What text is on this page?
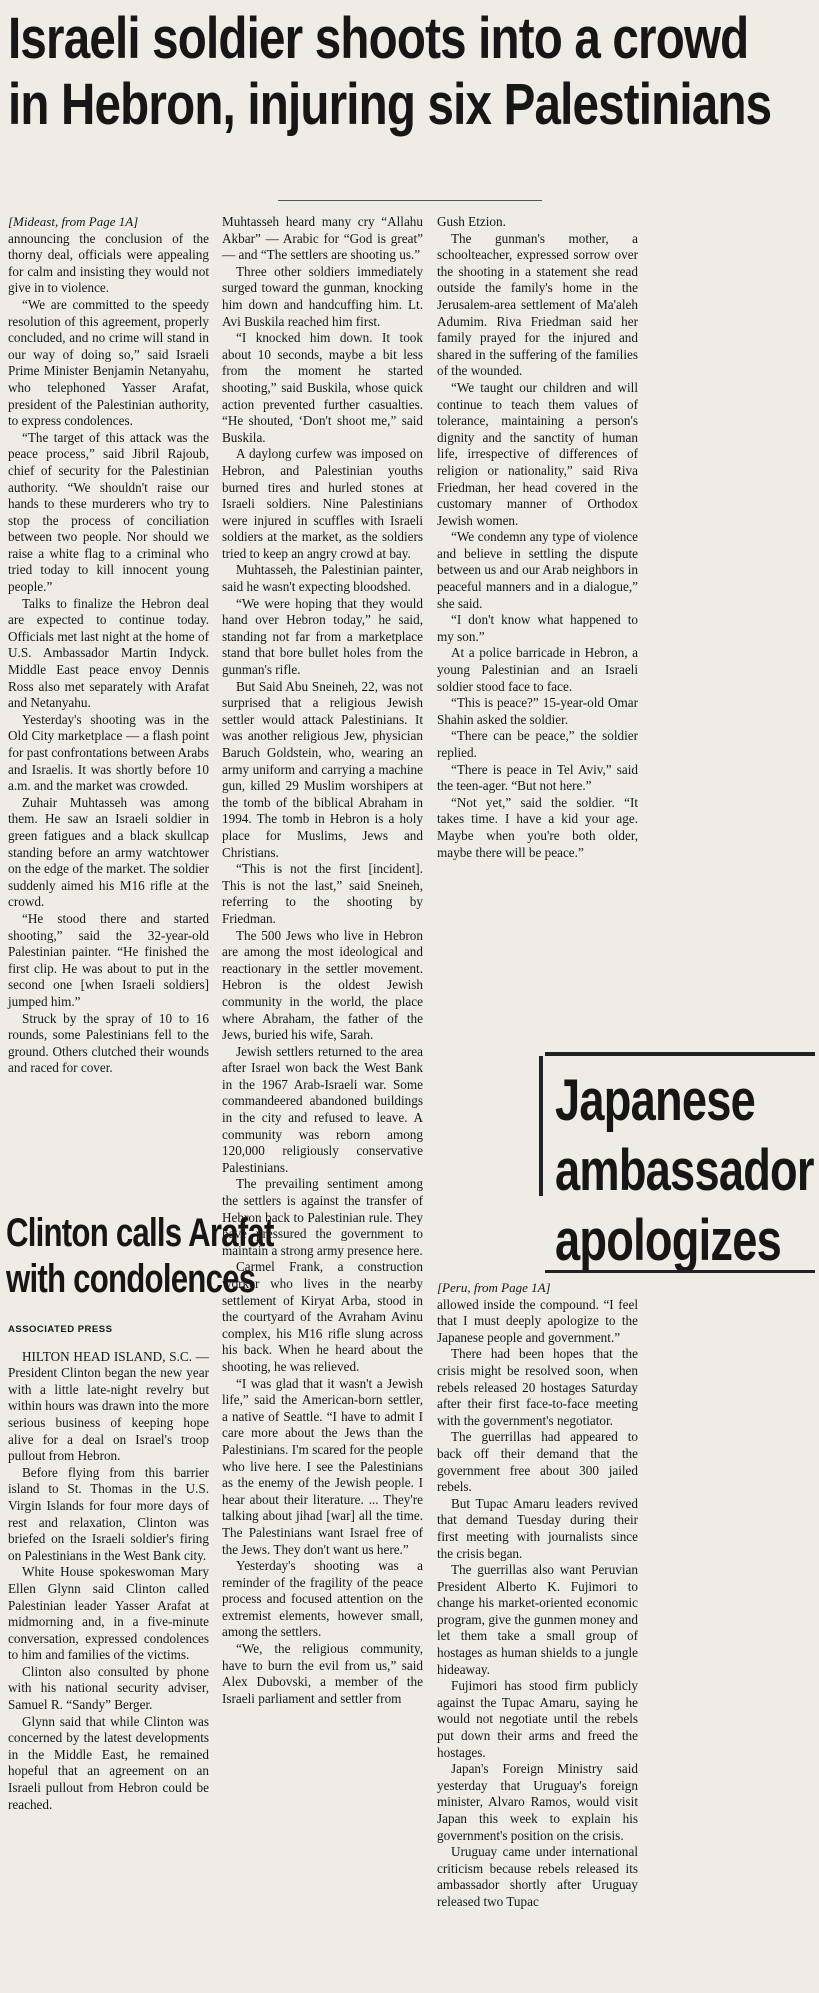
Israeli soldier shoots into a crowd
in Hebron, injuring six Palestinians

[Mideast, from Page 1A]

announcing the conclusion of the thorny deal, officials were appealing for calm and insisting they would not give in to violence.

“We are committed to the speedy resolution of this agreement, properly concluded, and no crime will stand in our way of doing so,” said Israeli Prime Minister Benjamin Netanyahu, who telephoned Yasser Arafat, president of the Palestinian authority, to express condolences.

“The target of this attack was the peace process,” said Jibril Rajoub, chief of security for the Palestinian authority. “We shouldn't raise our hands to these murderers who try to stop the process of conciliation between two people. Nor should we raise a white flag to a criminal who tried today to kill innocent young people.”

Talks to finalize the Hebron deal are expected to continue today. Officials met last night at the home of U.S. Ambassador Martin Indyck. Middle East peace envoy Dennis Ross also met separately with Arafat and Netanyahu.

Yesterday's shooting was in the Old City marketplace — a flash point for past confrontations between Arabs and Israelis. It was shortly before 10 a.m. and the market was crowded.

Zuhair Muhtasseh was among them. He saw an Israeli soldier in green fatigues and a black skullcap standing before an army watchtower on the edge of the market. The soldier suddenly aimed his M16 rifle at the crowd.

“He stood there and started shooting,” said the 32-year-old Palestinian painter. “He finished the first clip. He was about to put in the second one [when Israeli soldiers] jumped him.”

Struck by the spray of 10 to 16 rounds, some Palestinians fell to the ground. Others clutched their wounds and raced for cover.

Clinton calls Arafat
with condolences
ASSOCIATED PRESS

HILTON HEAD ISLAND, S.C. — President Clinton began the new year with a little late-night revelry but within hours was drawn into the more serious business of keeping hope alive for a deal on Israel's troop pullout from Hebron.

Before flying from this barrier island to St. Thomas in the U.S. Virgin Islands for four more days of rest and relaxation, Clinton was briefed on the Israeli soldier's firing on Palestinians in the West Bank city.

White House spokeswoman Mary Ellen Glynn said Clinton called Palestinian leader Yasser Arafat at midmorning and, in a five-minute conversation, expressed condolences to him and families of the victims.

Clinton also consulted by phone with his national security adviser, Samuel R. “Sandy” Berger.

Glynn said that while Clinton was concerned by the latest developments in the Middle East, he remained hopeful that an agreement on an Israeli pullout from Hebron could be reached.

Muhtasseh heard many cry “Allahu Akbar” — Arabic for “God is great” — and “The settlers are shooting us.”

Three other soldiers immediately surged toward the gunman, knocking him down and handcuffing him. Lt. Avi Buskila reached him first.

“I knocked him down. It took about 10 seconds, maybe a bit less from the moment he started shooting,” said Buskila, whose quick action prevented further casualties. “He shouted, ‘Don't shoot me,” said Buskila.

A daylong curfew was imposed on Hebron, and Palestinian youths burned tires and hurled stones at Israeli soldiers. Nine Palestinians were injured in scuffles with Israeli soldiers at the market, as the soldiers tried to keep an angry crowd at bay.

Muhtasseh, the Palestinian painter, said he wasn't expecting bloodshed.

“We were hoping that they would hand over Hebron today,” he said, standing not far from a marketplace stand that bore bullet holes from the gunman's rifle.

But Said Abu Sneineh, 22, was not surprised that a religious Jewish settler would attack Palestinians. It was another religious Jew, physician Baruch Goldstein, who, wearing an army uniform and carrying a machine gun, killed 29 Muslim worshipers at the tomb of the biblical Abraham in 1994. The tomb in Hebron is a holy place for Muslims, Jews and Christians.

“This is not the first [incident]. This is not the last,” said Sneineh, referring to the shooting by Friedman.

The 500 Jews who live in Hebron are among the most ideological and reactionary in the settler movement. Hebron is the oldest Jewish community in the world, the place where Abraham, the father of the Jews, buried his wife, Sarah.

Jewish settlers returned to the area after Israel won back the West Bank in the 1967 Arab-Israeli war. Some commandeered abandoned buildings in the city and refused to leave. A community was reborn among 120,000 religiously conservative Palestinians.

The prevailing sentiment among the settlers is against the transfer of Hebron back to Palestinian rule. They have pressured the government to maintain a strong army presence here.

Carmel Frank, a construction worker who lives in the nearby settlement of Kiryat Arba, stood in the courtyard of the Avraham Avinu complex, his M16 rifle slung across his back. When he heard about the shooting, he was relieved.

“I was glad that it wasn't a Jewish life,” said the American-born settler, a native of Seattle. “I have to admit I care more about the Jews than the Palestinians. I'm scared for the people who live here. I see the Palestinians as the enemy of the Jewish people. I hear about their literature. ... They're talking about jihad [war] all the time. The Palestinians want Israel free of the Jews. They don't want us here.”

Yesterday's shooting was a reminder of the fragility of the peace process and focused attention on the extremist elements, however small, among the settlers.

“We, the religious community, have to burn the evil from us,” said Alex Dubovski, a member of the Israeli parliament and settler from

Gush Etzion.

The gunman's mother, a schoolteacher, expressed sorrow over the shooting in a statement she read outside the family's home in the Jerusalem-area settlement of Ma'aleh Adumim. Riva Friedman said her family prayed for the injured and shared in the suffering of the families of the wounded.

“We taught our children and will continue to teach them values of tolerance, maintaining a person's dignity and the sanctity of human life, irrespective of differences of religion or nationality,” said Riva Friedman, her head covered in the customary manner of Orthodox Jewish women.

“We condemn any type of violence and believe in settling the dispute between us and our Arab neighbors in peaceful manners and in a dialogue,” she said.

“I don't know what happened to my son.”

At a police barricade in Hebron, a young Palestinian and an Israeli soldier stood face to face.

“This is peace?” 15-year-old Omar Shahin asked the soldier.

“There can be peace,” the soldier replied.

“There is peace in Tel Aviv,” said the teen-ager. “But not here.”

“Not yet,” said the soldier. “It takes time. I have a kid your age. Maybe when you're both older, maybe there will be peace.”

Japanese
ambassador
apologizes

[Peru, from Page 1A]

allowed inside the compound. “I feel that I must deeply apologize to the Japanese people and government.”

There had been hopes that the crisis might be resolved soon, when rebels released 20 hostages Saturday after their first face-to-face meeting with the government's negotiator.

The guerrillas had appeared to back off their demand that the government free about 300 jailed rebels.

But Tupac Amaru leaders revived that demand Tuesday during their first meeting with journalists since the crisis began.

The guerrillas also want Peruvian President Alberto K. Fujimori to change his market-oriented economic program, give the gunmen money and let them take a small group of hostages as human shields to a jungle hideaway.

Fujimori has stood firm publicly against the Tupac Amaru, saying he would not negotiate until the rebels put down their arms and freed the hostages.

Japan's Foreign Ministry said yesterday that Uruguay's foreign minister, Alvaro Ramos, would visit Japan this week to explain his government's position on the crisis.

Uruguay came under international criticism because rebels released its ambassador shortly after Uruguay released two Tupac
